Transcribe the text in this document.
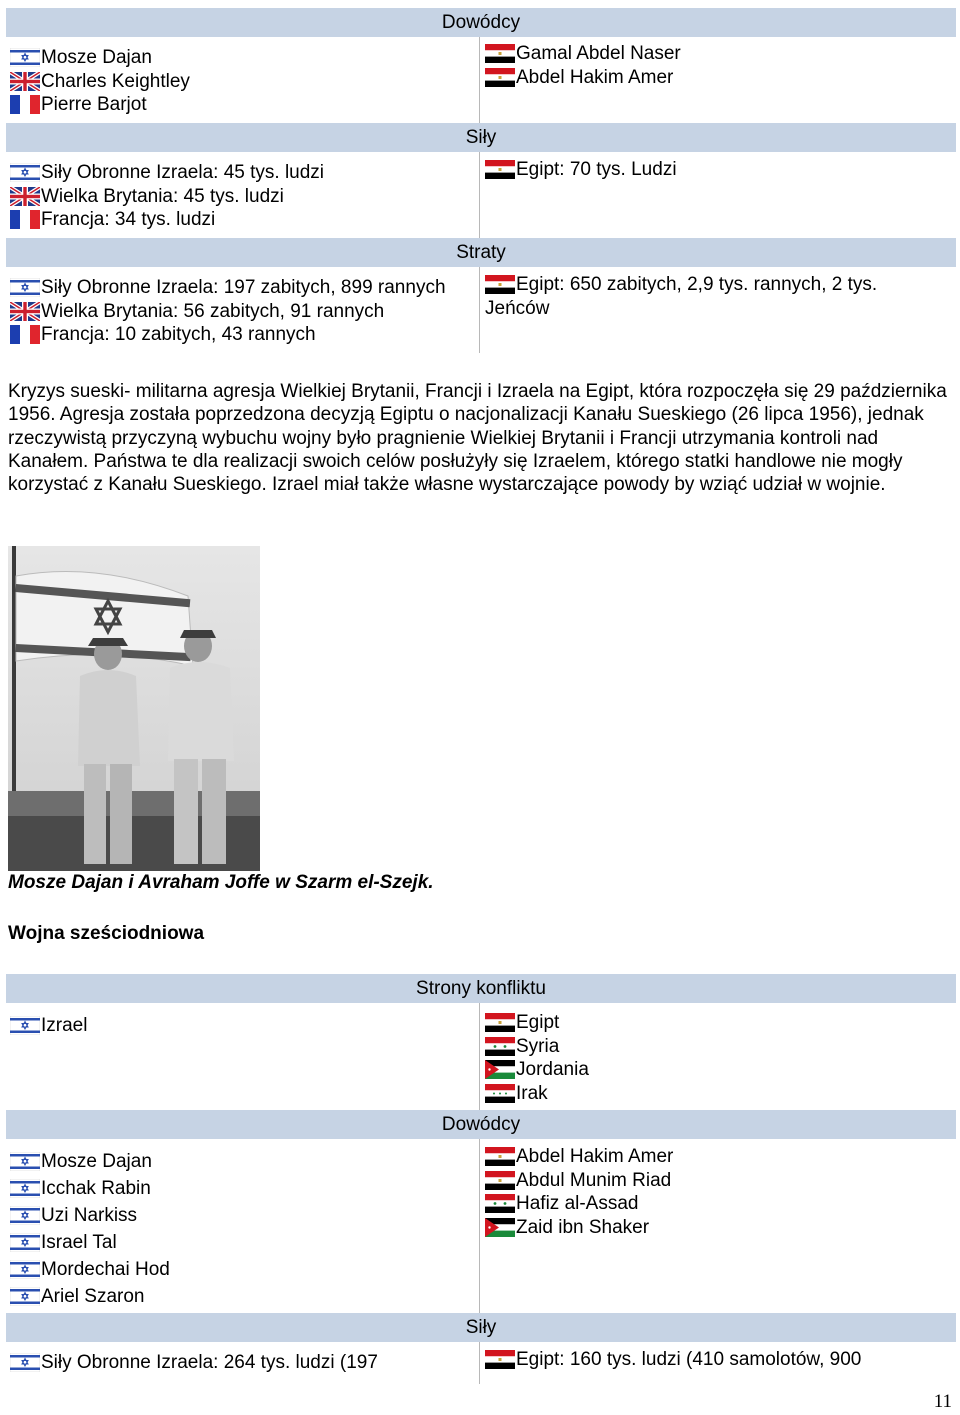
Dowódcy
Mosze Dajan
Charles Keightley
Pierre Barjot
Gamal Abdel Naser
Abdel Hakim Amer
Siły
Siły Obronne Izraela: 45 tys. ludzi
Wielka Brytania: 45 tys. ludzi
Francja: 34 tys. ludzi
Egipt: 70 tys. Ludzi
Straty
Siły Obronne Izraela: 197 zabitych, 899 rannych
Wielka Brytania: 56 zabitych, 91 rannych
Francja: 10 zabitych, 43 rannych
Egipt: 650 zabitych, 2,9 tys. rannych, 2 tys.
Jeńców
Kryzys sueski- militarna agresja Wielkiej Brytanii, Francji i Izraela na Egipt, która rozpoczęła się 29 października 1956. Agresja została poprzedzona decyzją Egiptu o nacjonalizacji Kanału Sueskiego (26 lipca 1956), jednak rzeczywistą przyczyną wybuchu wojny było pragnienie Wielkiej Brytanii i Francji utrzymania kontroli nad Kanałem. Państwa te dla realizacji swoich celów posłużyły się Izraelem, którego statki handlowe nie mogły korzystać z Kanału Sueskiego. Izrael miał także własne wystarczające powody by wziąć udział w wojnie.
Mosze Dajan i Avraham Joffe w Szarm el-Szejk.
Wojna sześciodniowa
Strony konfliktu
Izrael	Egipt
Syria
Jordania
Irak
Dowódcy
Mosze Dajan
Icchak Rabin
Uzi Narkiss
Israel Tal
Mordechai Hod
Ariel Szaron
Abdel Hakim Amer
Abdul Munim Riad
Hafiz al-Assad
Zaid ibn Shaker
Siły
Siły Obronne Izraela: 264 tys. ludzi (197	Egipt: 160 tys. ludzi (410 samolotów, 900
11
